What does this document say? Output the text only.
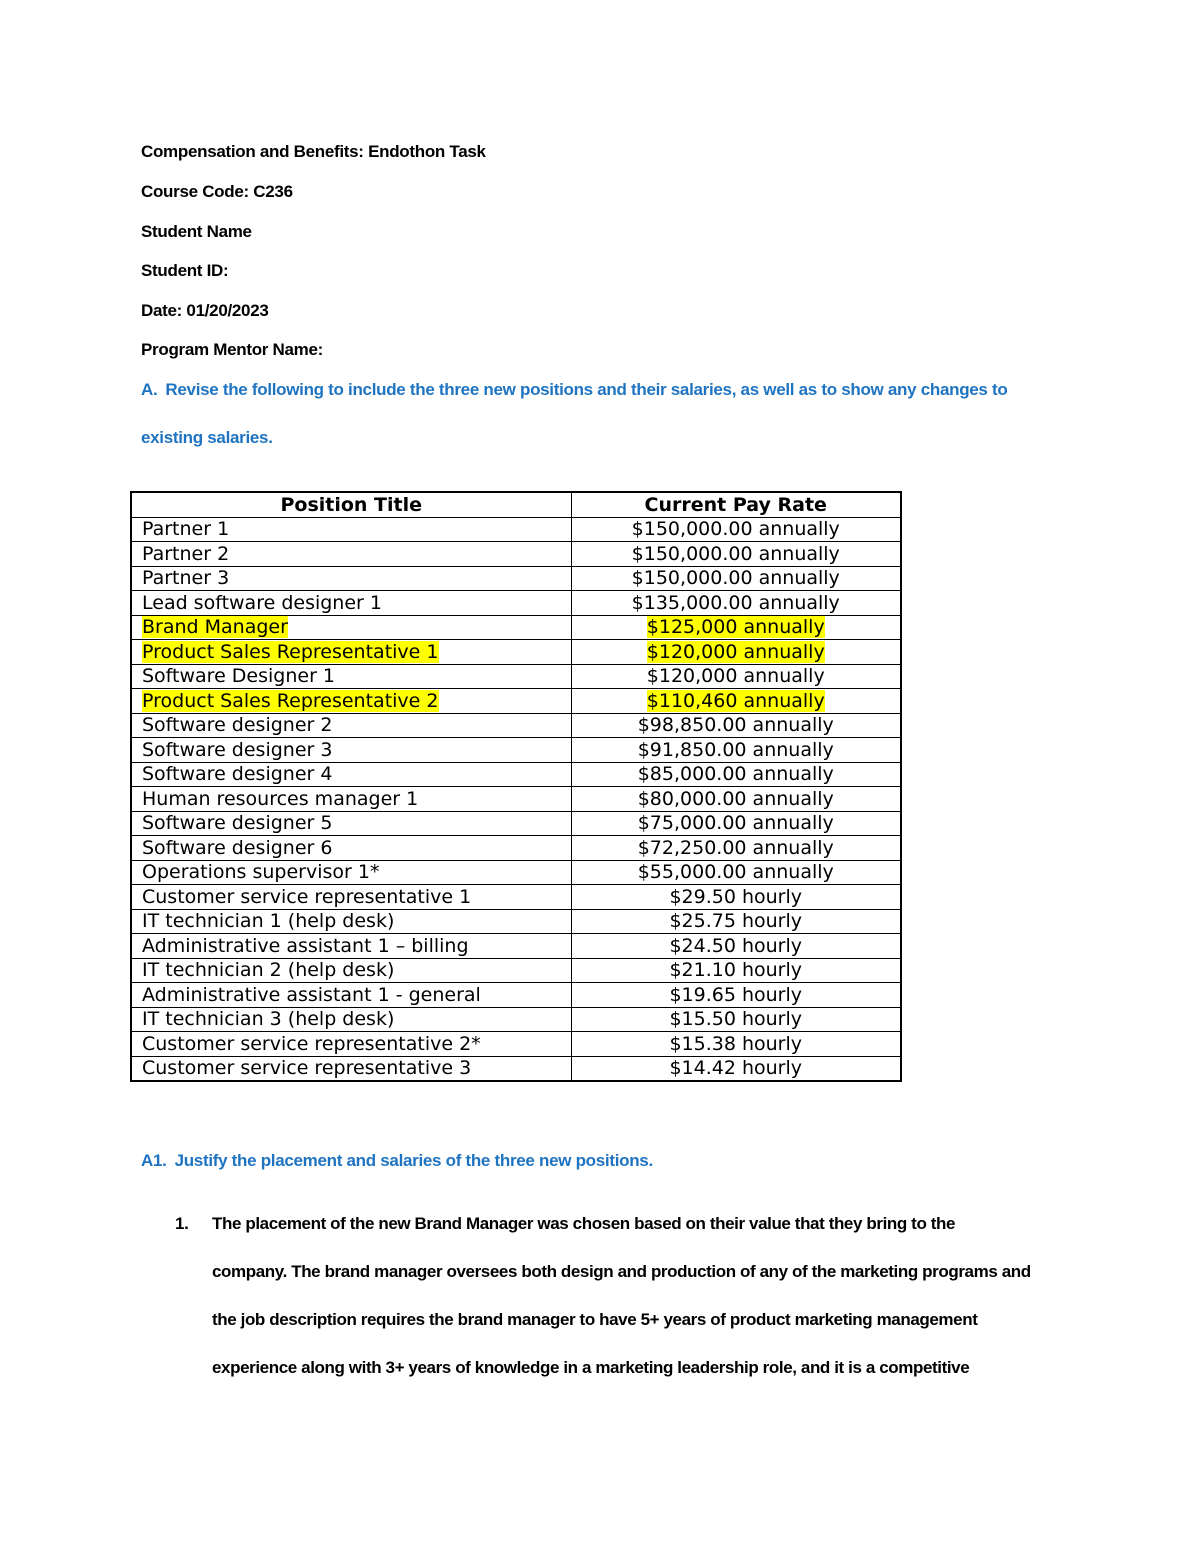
Compensation and Benefits: Endothon Task
Course Code: C236
Student Name
Student ID:
Date: 01/20/2023
Program Mentor Name:
A. Revise the following to include the three new positions and their salaries, as well as to show any changes to
existing salaries.
Position Title	Current Pay Rate
Partner 1	$150,000.00 annually
Partner 2	$150,000.00 annually
Partner 3	$150,000.00 annually
Lead software designer 1	$135,000.00 annually
Brand Manager	$125,000 annually
Product Sales Representative 1	$120,000 annually
Software Designer 1	$120,000 annually
Product Sales Representative 2	$110,460 annually
Software designer 2	$98,850.00 annually
Software designer 3	$91,850.00 annually
Software designer 4	$85,000.00 annually
Human resources manager 1	$80,000.00 annually
Software designer 5	$75,000.00 annually
Software designer 6	$72,250.00 annually
Operations supervisor 1*	$55,000.00 annually
Customer service representative 1	$29.50 hourly
IT technician 1 (help desk)	$25.75 hourly
Administrative assistant 1 – billing	$24.50 hourly
IT technician 2 (help desk)	$21.10 hourly
Administrative assistant 1 - general	$19.65 hourly
IT technician 3 (help desk)	$15.50 hourly
Customer service representative 2*	$15.38 hourly
Customer service representative 3	$14.42 hourly
A1. Justify the placement and salaries of the three new positions.
1. The placement of the new Brand Manager was chosen based on their value that they bring to the
company. The brand manager oversees both design and production of any of the marketing programs and
the job description requires the brand manager to have 5+ years of product marketing management
experience along with 3+ years of knowledge in a marketing leadership role, and it is a competitive
